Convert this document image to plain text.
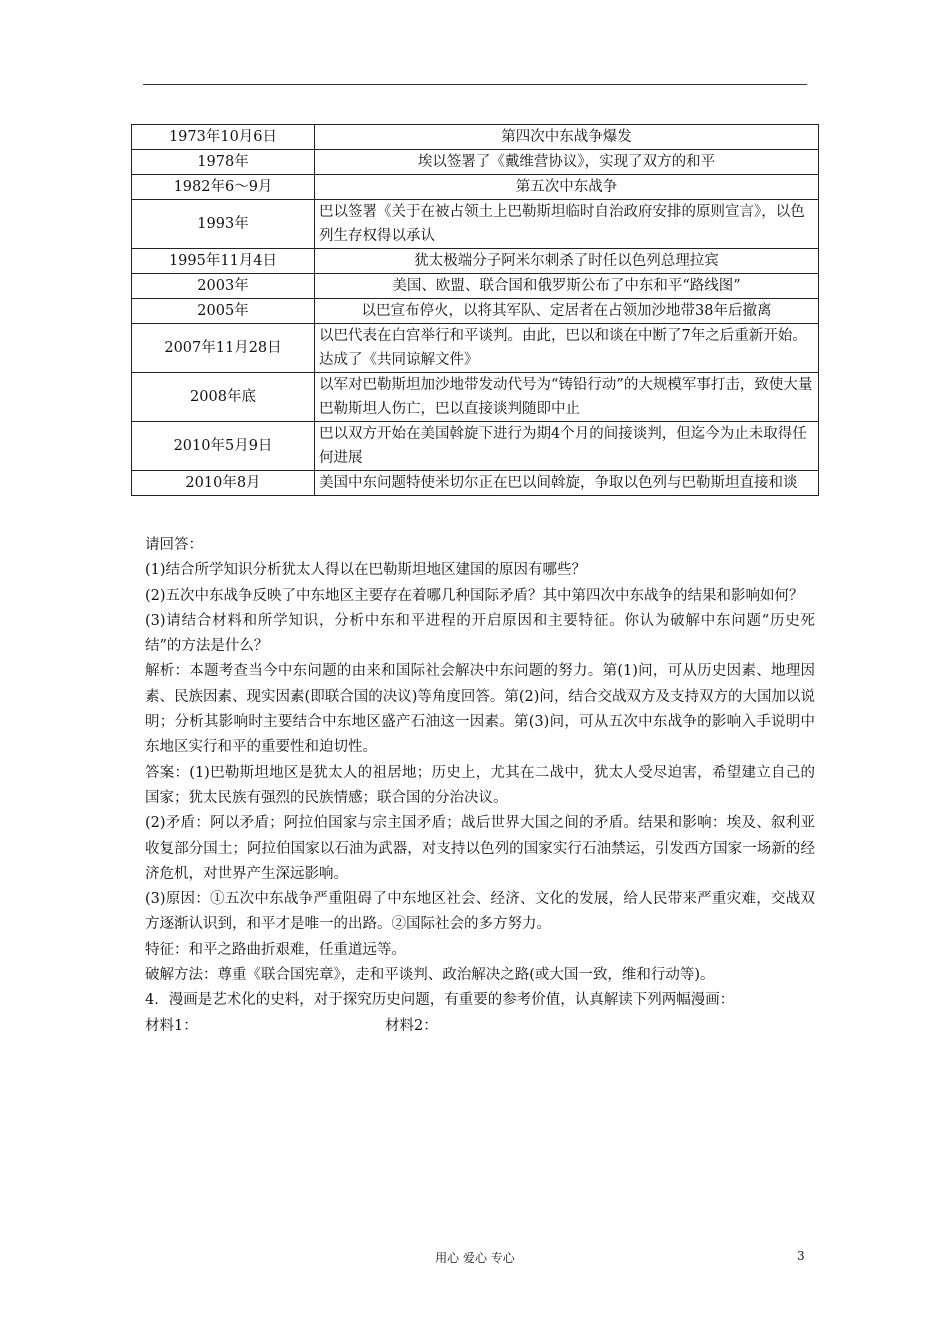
1973年10月6日	第四次中东战争爆发
1978年	埃以签署了《戴维营协议》，实现了双方的和平
1982年6～9月	第五次中东战争
1993年	巴以签署《关于在被占领土上巴勒斯坦临时自治政府安排的原则宣言》，以色列生存权得以承认
1995年11月4日	犹太极端分子阿米尔刺杀了时任以色列总理拉宾
2003年	美国、欧盟、联合国和俄罗斯公布了中东和平“路线图”
2005年	以巴宣布停火，以将其军队、定居者在占领加沙地带38年后撤离
2007年11月28日	以巴代表在白宫举行和平谈判。由此，巴以和谈在中断了7年之后重新开始。达成了《共同谅解文件》
2008年底	以军对巴勒斯坦加沙地带发动代号为“铸铅行动”的大规模军事打击，致使大量巴勒斯坦人伤亡，巴以直接谈判随即中止
2010年5月9日	巴以双方开始在美国斡旋下进行为期4个月的间接谈判，但迄今为止未取得任何进展
2010年8月	美国中东问题特使米切尔正在巴以间斡旋，争取以色列与巴勒斯坦直接和谈

请回答：

(1)结合所学知识分析犹太人得以在巴勒斯坦地区建国的原因有哪些？

(2)五次中东战争反映了中东地区主要存在着哪几种国际矛盾？其中第四次中东战争的结果和影响如何？

(3)请结合材料和所学知识，分析中东和平进程的开启原因和主要特征。你认为破解中东问题“历史死结”的方法是什么？

解析：本题考查当今中东问题的由来和国际社会解决中东问题的努力。第(1)问，可从历史因素、地理因素、民族因素、现实因素(即联合国的决议)等角度回答。第(2)问，结合交战双方及支持双方的大国加以说明；分析其影响时主要结合中东地区盛产石油这一因素。第(3)问，可从五次中东战争的影响入手说明中东地区实行和平的重要性和迫切性。

答案：(1)巴勒斯坦地区是犹太人的祖居地；历史上，尤其在二战中，犹太人受尽迫害，希望建立自己的国家；犹太民族有强烈的民族情感；联合国的分治决议。

(2)矛盾：阿以矛盾；阿拉伯国家与宗主国矛盾；战后世界大国之间的矛盾。结果和影响：埃及、叙利亚收复部分国土；阿拉伯国家以石油为武器，对支持以色列的国家实行石油禁运，引发西方国家一场新的经济危机，对世界产生深远影响。

(3)原因：①五次中东战争严重阻碍了中东地区社会、经济、文化的发展，给人民带来严重灾难，交战双方逐渐认识到，和平才是唯一的出路。②国际社会的多方努力。

特征：和平之路曲折艰难，任重道远等。

破解方法：尊重《联合国宪章》，走和平谈判、政治解决之路(或大国一致，维和行动等)。

4．漫画是艺术化的史料，对于探究历史问题，有重要的参考价值，认真解读下列两幅漫画：

材料1：	材料2：
用心 爱心 专心	3
